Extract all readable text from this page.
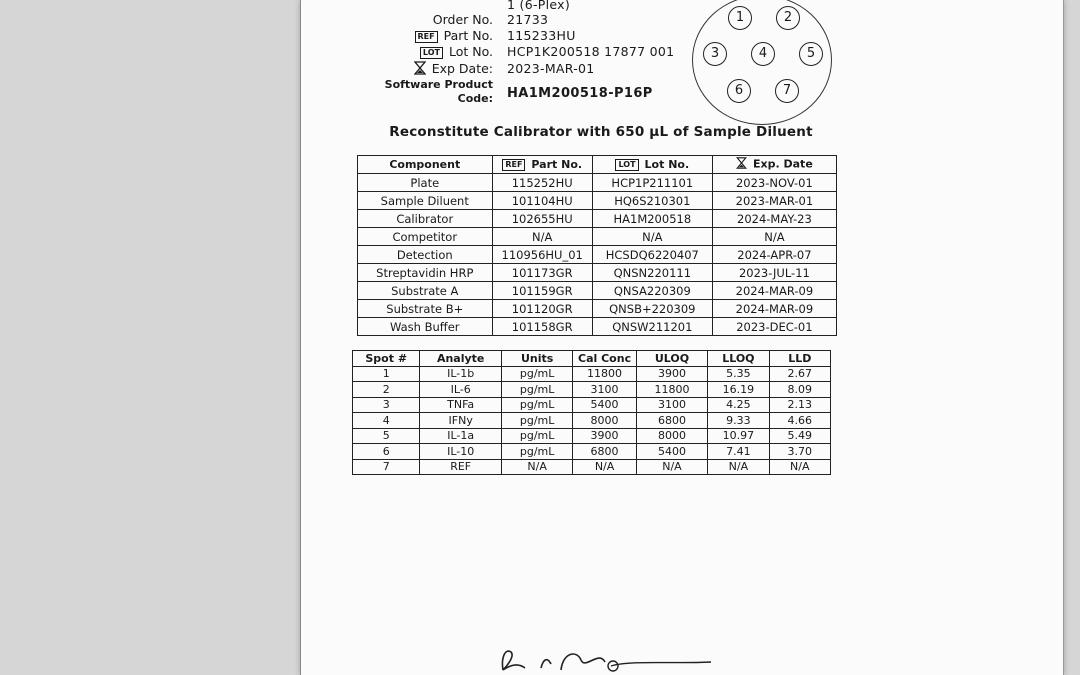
1 (6-Plex)
Order No. 21733
REF Part No. 115233HU
LOT Lot No. HCP1K200518 17877 001
Exp Date: 2023-MAR-01
Software Product
Code: HA1M200518-P16P
1	2
3	4	5
6	7
Reconstitute Calibrator with 650 µL of Sample Diluent
Component	REF Part No.	LOT Lot No.	Exp. Date
Plate	115252HU	HCP1P211101	2023-NOV-01
Sample Diluent	101104HU	HQ6S210301	2023-MAR-01
Calibrator	102655HU	HA1M200518	2024-MAY-23
Competitor	N/A	N/A	N/A
Detection	110956HU_01	HCSDQ6220407	2024-APR-07
Streptavidin HRP	101173GR	QNSN220111	2023-JUL-11
Substrate A	101159GR	QNSA220309	2024-MAR-09
Substrate B+	101120GR	QNSB+220309	2024-MAR-09
Wash Buffer	101158GR	QNSW211201	2023-DEC-01
Spot #	Analyte	Units	Cal Conc	ULOQ	LLOQ	LLD
1	IL-1b	pg/mL	11800	3900	5.35	2.67
2	IL-6	pg/mL	3100	11800	16.19	8.09
3	TNFa	pg/mL	5400	3100	4.25	2.13
4	IFNy	pg/mL	8000	6800	9.33	4.66
5	IL-1a	pg/mL	3900	8000	10.97	5.49
6	IL-10	pg/mL	6800	5400	7.41	3.70
7	REF	N/A	N/A	N/A	N/A	N/A
